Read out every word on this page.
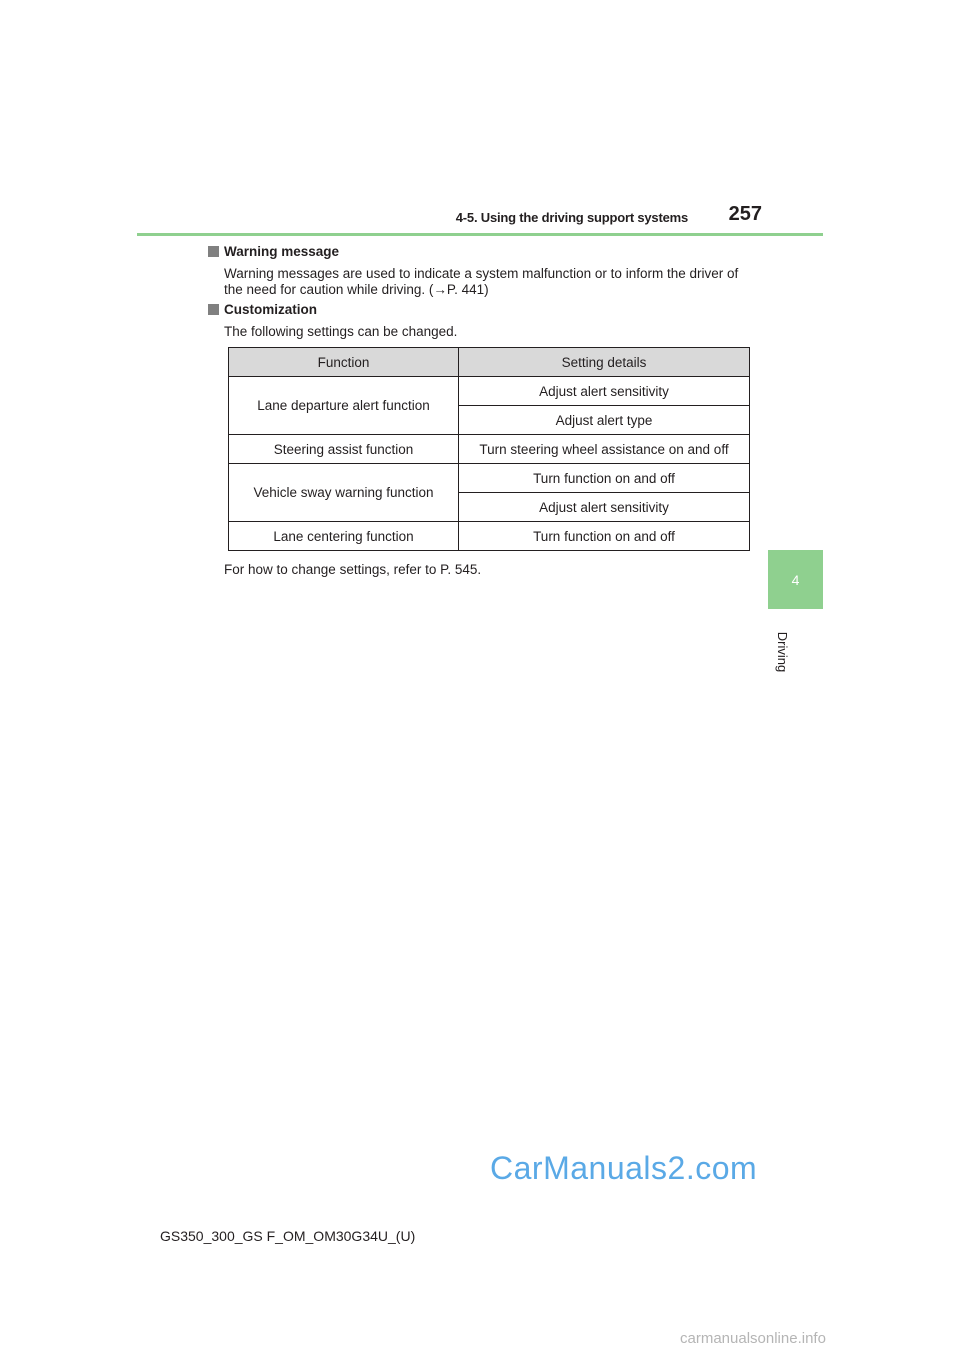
4-5. Using the driving support systems	257
4
Driving
Warning message
Warning messages are used to indicate a system malfunction or to inform the driver of
the need for caution while driving. (→P. 441)
Customization
The following settings can be changed.
Function	Setting details
Lane departure alert function	Adjust alert sensitivity
	Adjust alert type
Steering assist function	Turn steering wheel assistance on and off
Vehicle sway warning function	Turn function on and off
	Adjust alert sensitivity
Lane centering function	Turn function on and off
For how to change settings, refer to P. 545.
CarManuals2.com
GS350_300_GS F_OM_OM30G34U_(U)
carmanualsonline.info
